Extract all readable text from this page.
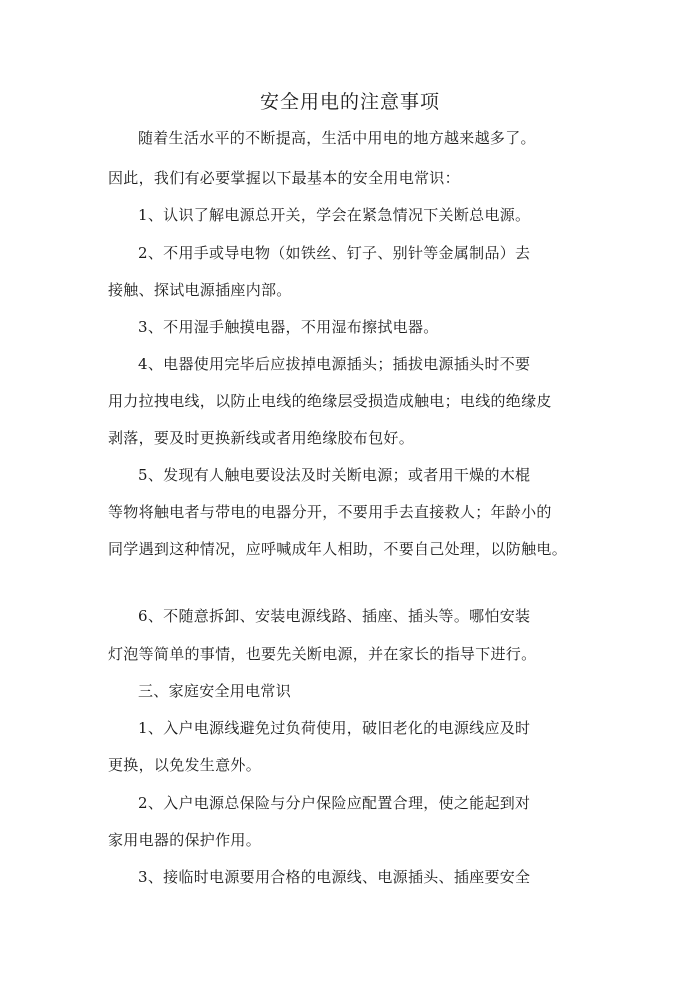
安全用电的注意事项
随着生活水平的不断提高，生活中用电的地方越来越多了。
因此，我们有必要掌握以下最基本的安全用电常识：
1、认识了解电源总开关，学会在紧急情况下关断总电源。
2、不用手或导电物（如铁丝、钉子、别针等金属制品）去
接触、探试电源插座内部。
3、不用湿手触摸电器，不用湿布擦拭电器。
4、电器使用完毕后应拔掉电源插头；插拔电源插头时不要
用力拉拽电线，以防止电线的绝缘层受损造成触电；电线的绝缘皮
剥落，要及时更换新线或者用绝缘胶布包好。
5、发现有人触电要设法及时关断电源；或者用干燥的木棍
等物将触电者与带电的电器分开，不要用手去直接救人；年龄小的
同学遇到这种情况，应呼喊成年人相助，不要自己处理，以防触电。
6、不随意拆卸、安装电源线路、插座、插头等。哪怕安装
灯泡等简单的事情，也要先关断电源，并在家长的指导下进行。
三、家庭安全用电常识
1、入户电源线避免过负荷使用，破旧老化的电源线应及时
更换，以免发生意外。
2、入户电源总保险与分户保险应配置合理，使之能起到对
家用电器的保护作用。
3、接临时电源要用合格的电源线、电源插头、插座要安全
